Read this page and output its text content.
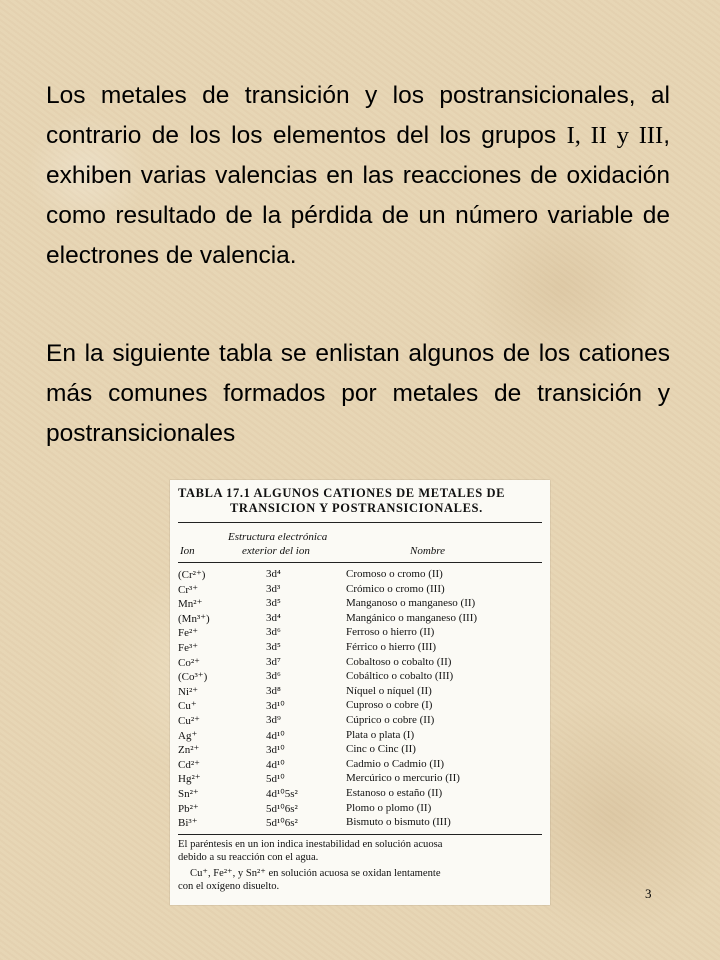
Los metales de transición y los postransicionales, al contrario de los los elementos del los grupos I, II y III, exhiben varias valencias en las reacciones de oxidación como resultado de la pérdida de un número variable de electrones de valencia.
En la siguiente tabla se enlistan algunos de los cationes más comunes formados por metales de transición y postransicionales
TABLA 17.1 ALGUNOS CATIONES DE METALES DE
TRANSICION Y POSTRANSICIONALES.
Estructura electrónica
Ion	exterior del ion	Nombre
(Cr²⁺)	3d⁴	Cromoso o cromo (II)
Cr³⁺	3d³	Crómico o cromo (III)
Mn²⁺	3d⁵	Manganoso o manganeso (II)
(Mn³⁺)	3d⁴	Mangánico o manganeso (III)
Fe²⁺	3d⁶	Ferroso o hierro (II)
Fe³⁺	3d⁵	Férrico o hierro (III)
Co²⁺	3d⁷	Cobaltoso o cobalto (II)
(Co³⁺)	3d⁶	Cobáltico o cobalto (III)
Ni²⁺	3d⁸	Níquel o níquel (II)
Cu⁺	3d¹⁰	Cuproso o cobre (I)
Cu²⁺	3d⁹	Cúprico o cobre (II)
Ag⁺	4d¹⁰	Plata o plata (I)
Zn²⁺	3d¹⁰	Cinc o Cinc (II)
Cd²⁺	4d¹⁰	Cadmio o Cadmio (II)
Hg²⁺	5d¹⁰	Mercúrico o mercurio (II)
Sn²⁺	4d¹⁰5s²	Estanoso o estaño (II)
Pb²⁺	5d¹⁰6s²	Plomo o plomo (II)
Bi³⁺	5d¹⁰6s²	Bismuto o bismuto (III)
El paréntesis en un ion indica inestabilidad en solución acuosa
debido a su reacción con el agua.
Cu⁺, Fe²⁺, y Sn²⁺ en solución acuosa se oxidan lentamente
con el oxígeno disuelto.	3
